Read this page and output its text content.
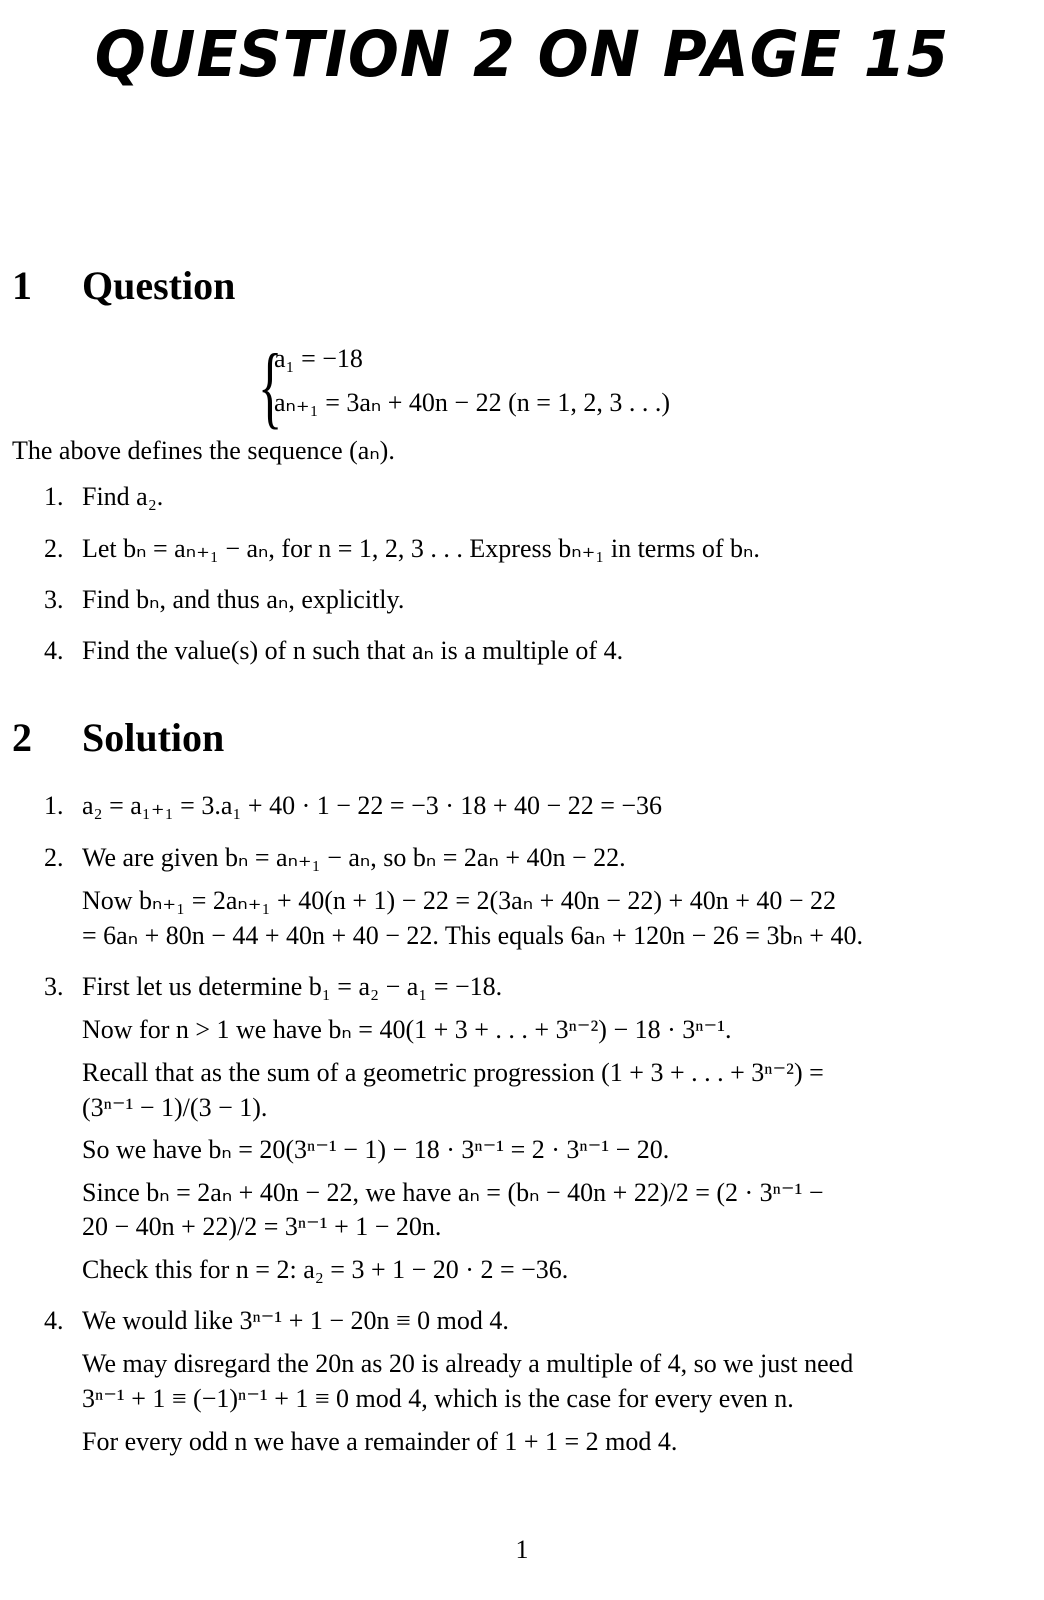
QUESTION 2 ON PAGE 15
1 Question
{
a₁ = −18
aₙ₊₁ = 3aₙ + 40n − 22 (n = 1, 2, 3 . . .)
The above defines the sequence (aₙ).
1. Find a₂.
2. Let bₙ = aₙ₊₁ − aₙ, for n = 1, 2, 3 . . . Express bₙ₊₁ in terms of bₙ.
3. Find bₙ, and thus aₙ, explicitly.
4. Find the value(s) of n such that aₙ is a multiple of 4.
2 Solution
1. a₂ = a₁₊₁ = 3.a₁ + 40 · 1 − 22 = −3 · 18 + 40 − 22 = −36
2. We are given bₙ = aₙ₊₁ − aₙ, so bₙ = 2aₙ + 40n − 22.
Now bₙ₊₁ = 2aₙ₊₁ + 40(n + 1) − 22 = 2(3aₙ + 40n − 22) + 40n + 40 − 22
= 6aₙ + 80n − 44 + 40n + 40 − 22. This equals 6aₙ + 120n − 26 = 3bₙ + 40.
3. First let us determine b₁ = a₂ − a₁ = −18.
Now for n > 1 we have bₙ = 40(1 + 3 + . . . + 3ⁿ⁻²) − 18 · 3ⁿ⁻¹.
Recall that as the sum of a geometric progression (1 + 3 + . . . + 3ⁿ⁻²) =
(3ⁿ⁻¹ − 1)/(3 − 1).
So we have bₙ = 20(3ⁿ⁻¹ − 1) − 18 · 3ⁿ⁻¹ = 2 · 3ⁿ⁻¹ − 20.
Since bₙ = 2aₙ + 40n − 22, we have aₙ = (bₙ − 40n + 22)/2 = (2 · 3ⁿ⁻¹ −
20 − 40n + 22)/2 = 3ⁿ⁻¹ + 1 − 20n.
Check this for n = 2: a₂ = 3 + 1 − 20 · 2 = −36.
4. We would like 3ⁿ⁻¹ + 1 − 20n ≡ 0 mod 4.
We may disregard the 20n as 20 is already a multiple of 4, so we just need
3ⁿ⁻¹ + 1 ≡ (−1)ⁿ⁻¹ + 1 ≡ 0 mod 4, which is the case for every even n.
For every odd n we have a remainder of 1 + 1 = 2 mod 4.
1
